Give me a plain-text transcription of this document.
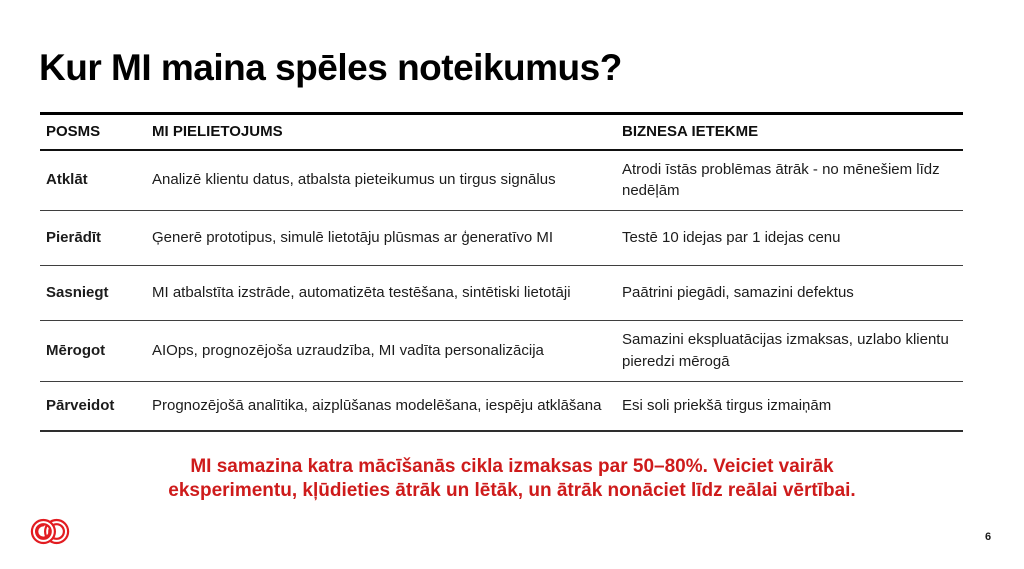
Kur MI maina spēles noteikumus?
POSMS	MI PIELIETOJUMS	BIZNESA IETEKME
Atklāt	Analizē klientu datus, atbalsta pieteikumus un tirgus signālus	Atrodi īstās problēmas ātrāk - no mēnešiem līdz nedēļām
Pierādīt	Ģenerē prototipus, simulē lietotāju plūsmas ar ģeneratīvo MI	Testē 10 idejas par 1 idejas cenu
Sasniegt	MI atbalstīta izstrāde, automatizēta testēšana, sintētiski lietotāji	Paātrini piegādi, samazini defektus
Mērogot	AIOps, prognozējoša uzraudzība, MI vadīta personalizācija	Samazini ekspluatācijas izmaksas, uzlabo klientu pieredzi mērogā
Pārveidot	Prognozējošā analītika, aizplūšanas modelēšana, iespēju atklāšana	Esi soli priekšā tirgus izmaiņām
MI samazina katra mācīšanās cikla izmaksas par 50–80%. Veiciet vairāk
eksperimentu, kļūdieties ātrāk un lētāk, un ātrāk nonāciet līdz reālai vērtībai.
6
